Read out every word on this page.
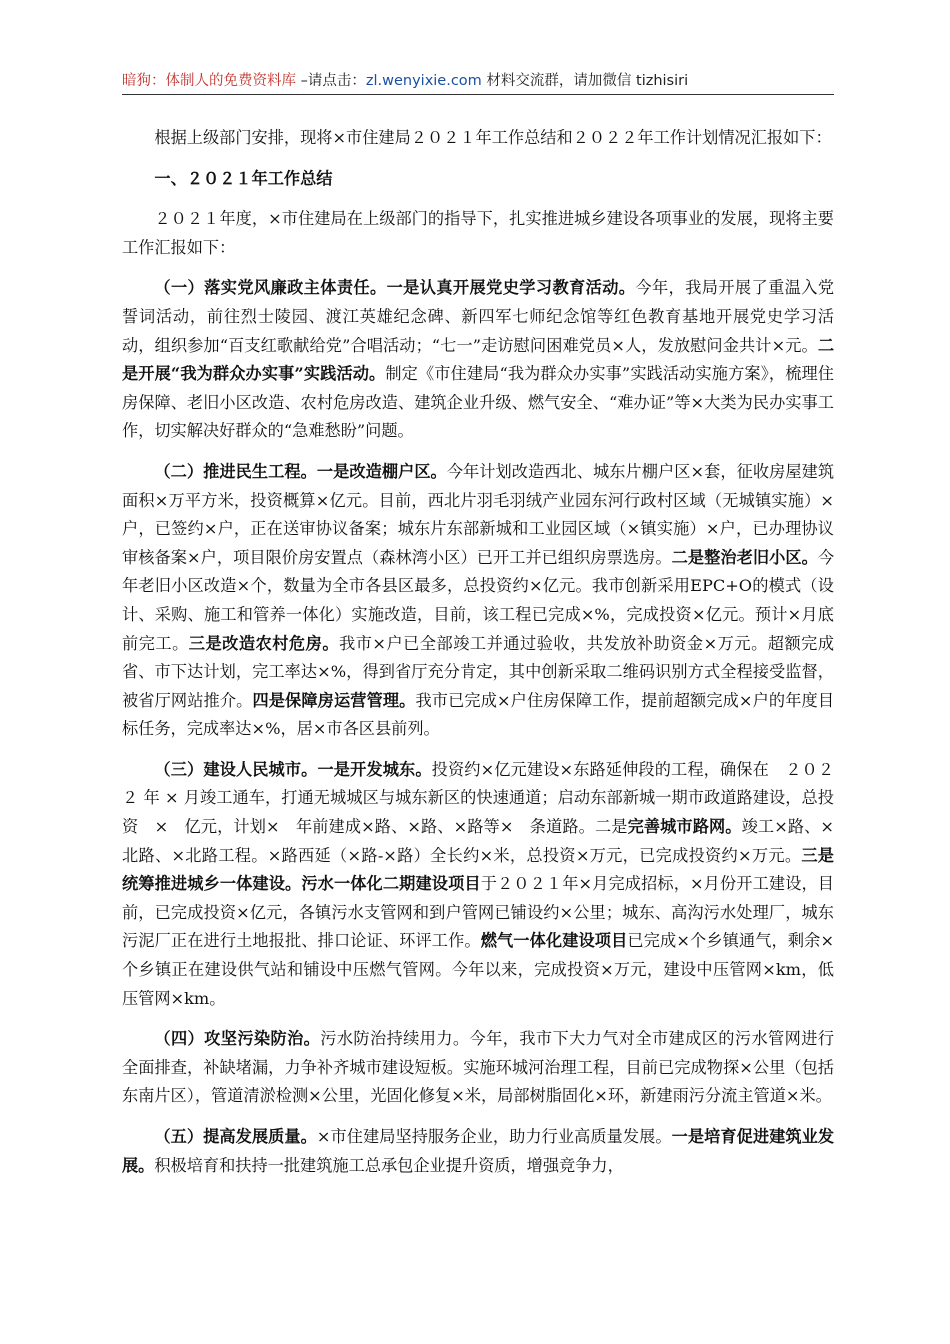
暗狗：体制人的免费资料库 –请点击：zl.wenyixie.com 材料交流群，请加微信 tizhisiri

根据上级部门安排，现将×市住建局２０２１年工作总结和２０２２年工作计划情况汇报如下：

一、２０２１年工作总结

２０２１年度，×市住建局在上级部门的指导下，扎实推进城乡建设各项事业的发展，现将主要工作汇报如下：

（一）落实党风廉政主体责任。一是认真开展党史学习教育活动。今年，我局开展了重温入党誓词活动，前往烈士陵园、渡江英雄纪念碑、新四军七师纪念馆等红色教育基地开展党史学习活动，组织参加“百支红歌献给党”合唱活动；“七一”走访慰问困难党员×人，发放慰问金共计×元。二是开展“我为群众办实事”实践活动。制定《市住建局“我为群众办实事”实践活动实施方案》，梳理住房保障、老旧小区改造、农村危房改造、建筑企业升级、燃气安全、“难办证”等×大类为民办实事工作，切实解决好群众的“急难愁盼”问题。

（二）推进民生工程。一是改造棚户区。今年计划改造西北、城东片棚户区×套，征收房屋建筑面积×万平方米，投资概算×亿元。目前，西北片羽毛羽绒产业园东河行政村区域（无城镇实施）×户，已签约×户，正在送审协议备案；城东片东部新城和工业园区域（×镇实施）×户，已办理协议审核备案×户，项目限价房安置点（森林湾小区）已开工并已组织房票选房。二是整治老旧小区。今年老旧小区改造×个，数量为全市各县区最多，总投资约×亿元。我市创新采用EPC+O的模式（设计、采购、施工和管养一体化）实施改造，目前，该工程已完成×%，完成投资×亿元。预计×月底前完工。三是改造农村危房。我市×户已全部竣工并通过验收，共发放补助资金×万元。超额完成省、市下达计划，完工率达×%，得到省厅充分肯定，其中创新采取二维码识别方式全程接受监督，被省厅网站推介。四是保障房运营管理。我市已完成×户住房保障工作，提前超额完成×户的年度目标任务，完成率达×%，居×市各区县前列。

（三）建设人民城市。一是开发城东。投资约×亿元建设×东路延伸段的工程，确保在　２０２２ 年 × 月竣工通车，打通无城城区与城东新区的快速通道；启动东部新城一期市政道路建设，总投资　×　亿元，计划×　年前建成×路、×路、×路等×　条道路。二是完善城市路网。竣工×路、×北路、×北路工程。×路西延（×路-×路）全长约×米，总投资×万元，已完成投资约×万元。三是统筹推进城乡一体建设。污水一体化二期建设项目于２０２１年×月完成招标，×月份开工建设，目前，已完成投资×亿元，各镇污水支管网和到户管网已铺设约×公里；城东、高沟污水处理厂，城东污泥厂正在进行土地报批、排口论证、环评工作。燃气一体化建设项目已完成×个乡镇通气，剩余×个乡镇正在建设供气站和铺设中压燃气管网。今年以来，完成投资×万元，建设中压管网×km，低压管网×km。

（四）攻坚污染防治。污水防治持续用力。今年，我市下大力气对全市建成区的污水管网进行全面排查，补缺堵漏，力争补齐城市建设短板。实施环城河治理工程，目前已完成物探×公里（包括东南片区），管道清淤检测×公里，光固化修复×米，局部树脂固化×环，新建雨污分流主管道×米。

（五）提高发展质量。×市住建局坚持服务企业，助力行业高质量发展。一是培育促进建筑业发展。积极培育和扶持一批建筑施工总承包企业提升资质，增强竞争力，
